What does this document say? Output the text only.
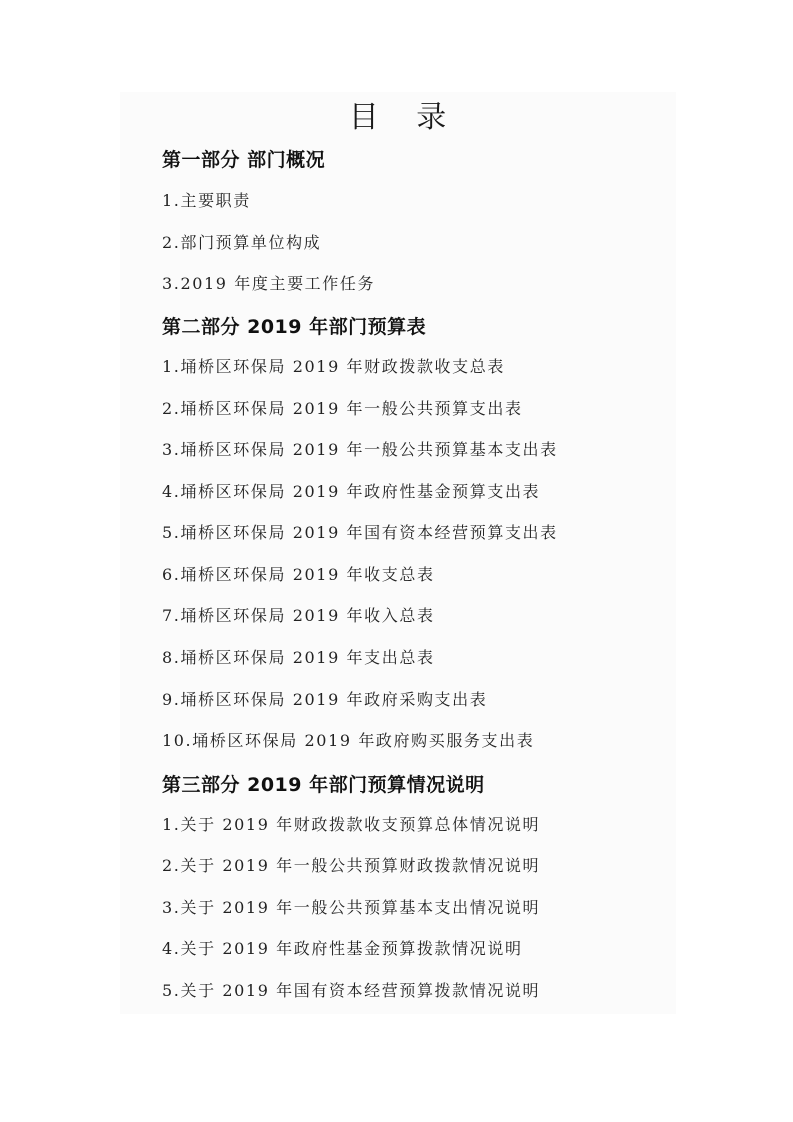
目 录
第一部分 部门概况

1.主要职责

2.部门预算单位构成

3.2019 年度主要工作任务

第二部分 2019 年部门预算表

1.埇桥区环保局 2019 年财政拨款收支总表

2.埇桥区环保局 2019 年一般公共预算支出表

3.埇桥区环保局 2019 年一般公共预算基本支出表

4.埇桥区环保局 2019 年政府性基金预算支出表

5.埇桥区环保局 2019 年国有资本经营预算支出表

6.埇桥区环保局 2019 年收支总表

7.埇桥区环保局 2019 年收入总表

8.埇桥区环保局 2019 年支出总表

9.埇桥区环保局 2019 年政府采购支出表

10.埇桥区环保局 2019 年政府购买服务支出表

第三部分 2019 年部门预算情况说明

1.关于 2019 年财政拨款收支预算总体情况说明

2.关于 2019 年一般公共预算财政拨款情况说明

3.关于 2019 年一般公共预算基本支出情况说明

4.关于 2019 年政府性基金预算拨款情况说明

5.关于 2019 年国有资本经营预算拨款情况说明
